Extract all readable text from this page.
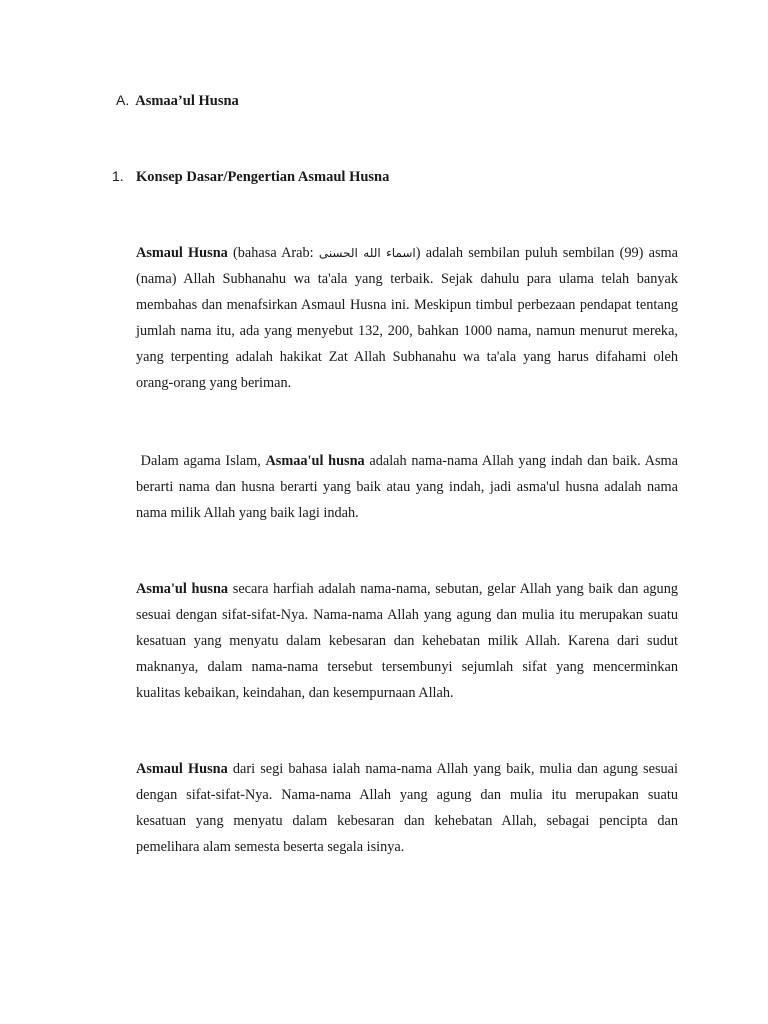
A. Asmaa’ul Husna
1. Konsep Dasar/Pengertian Asmaul Husna

Asmaul Husna (bahasa Arab: اسماء الله الحسنى) adalah sembilan puluh sembilan (99) asma (nama) Allah Subhanahu wa ta'ala yang terbaik. Sejak dahulu para ulama telah banyak membahas dan menafsirkan Asmaul Husna ini. Meskipun timbul perbezaan pendapat tentang jumlah nama itu, ada yang menyebut 132, 200, bahkan 1000 nama, namun menurut mereka, yang terpenting adalah hakikat Zat Allah Subhanahu wa ta'ala yang harus difahami oleh orang-orang yang beriman.

Dalam agama Islam, Asmaa'ul husna adalah nama-nama Allah yang indah dan baik. Asma berarti nama dan husna berarti yang baik atau yang indah, jadi asma'ul husna adalah nama nama milik Allah yang baik lagi indah.

Asma'ul husna secara harfiah adalah nama-nama, sebutan, gelar Allah yang baik dan agung sesuai dengan sifat-sifat-Nya. Nama-nama Allah yang agung dan mulia itu merupakan suatu kesatuan yang menyatu dalam kebesaran dan kehebatan milik Allah. Karena dari sudut maknanya, dalam nama-nama tersebut tersembunyi sejumlah sifat yang mencerminkan kualitas kebaikan, keindahan, dan kesempurnaan Allah.

Asmaul Husna dari segi bahasa ialah nama-nama Allah yang baik, mulia dan agung sesuai dengan sifat-sifat-Nya. Nama-nama Allah yang agung dan mulia itu merupakan suatu kesatuan yang menyatu dalam kebesaran dan kehebatan Allah, sebagai pencipta dan pemelihara alam semesta beserta segala isinya.
